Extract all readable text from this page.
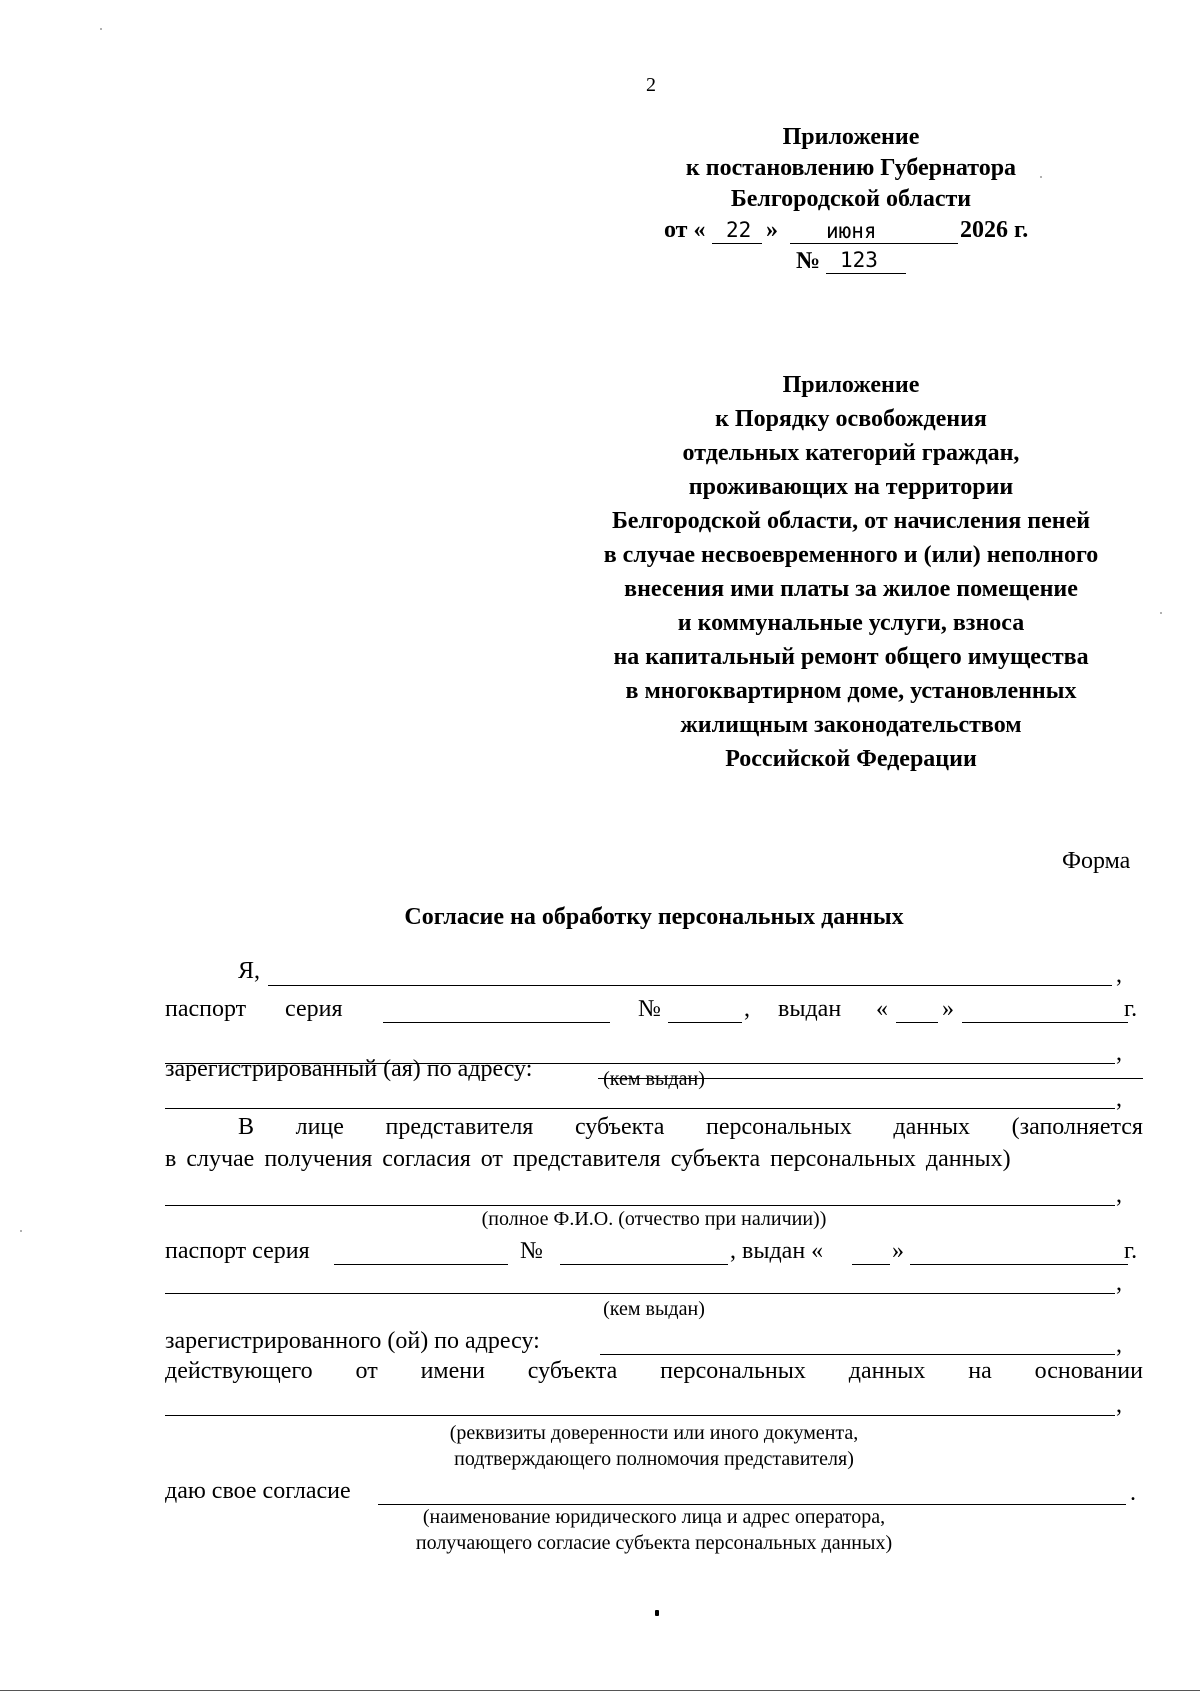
2
Приложение
к постановлению Губернатора
Белгородской области
от « 22 » июня	2026 г.
№ 123
Приложение
к Порядку освобождения
отдельных категорий граждан,
проживающих на территории
Белгородской области, от начисления пеней
в случае несвоевременного и (или) неполного
внесения ими платы за жилое помещение
и коммунальные услуги, взноса
на капитальный ремонт общего имущества
в многоквартирном доме, установленных
жилищным законодательством
Российской Федерации
Форма
Согласие на обработку персональных данных
Я,	,
паспорт серия	№	, выдан « »	г.
,
(кем выдан)
зарегистрированный (ая) по адресу:
,
В лице представителя субъекта персональных данных (заполняется
в случае получения согласия от представителя субъекта персональных данных)
,
(полное Ф.И.О. (отчество при наличии))
паспорт серия	№	, выдан «	»	г.
,
(кем выдан)
зарегистрированного (ой) по адресу:	,
действующего от имени субъекта персональных данных на основании
,
(реквизиты доверенности или иного документа,
подтверждающего полномочия представителя)
даю свое согласие	.
(наименование юридического лица и адрес оператора,
получающего согласие субъекта персональных данных)
